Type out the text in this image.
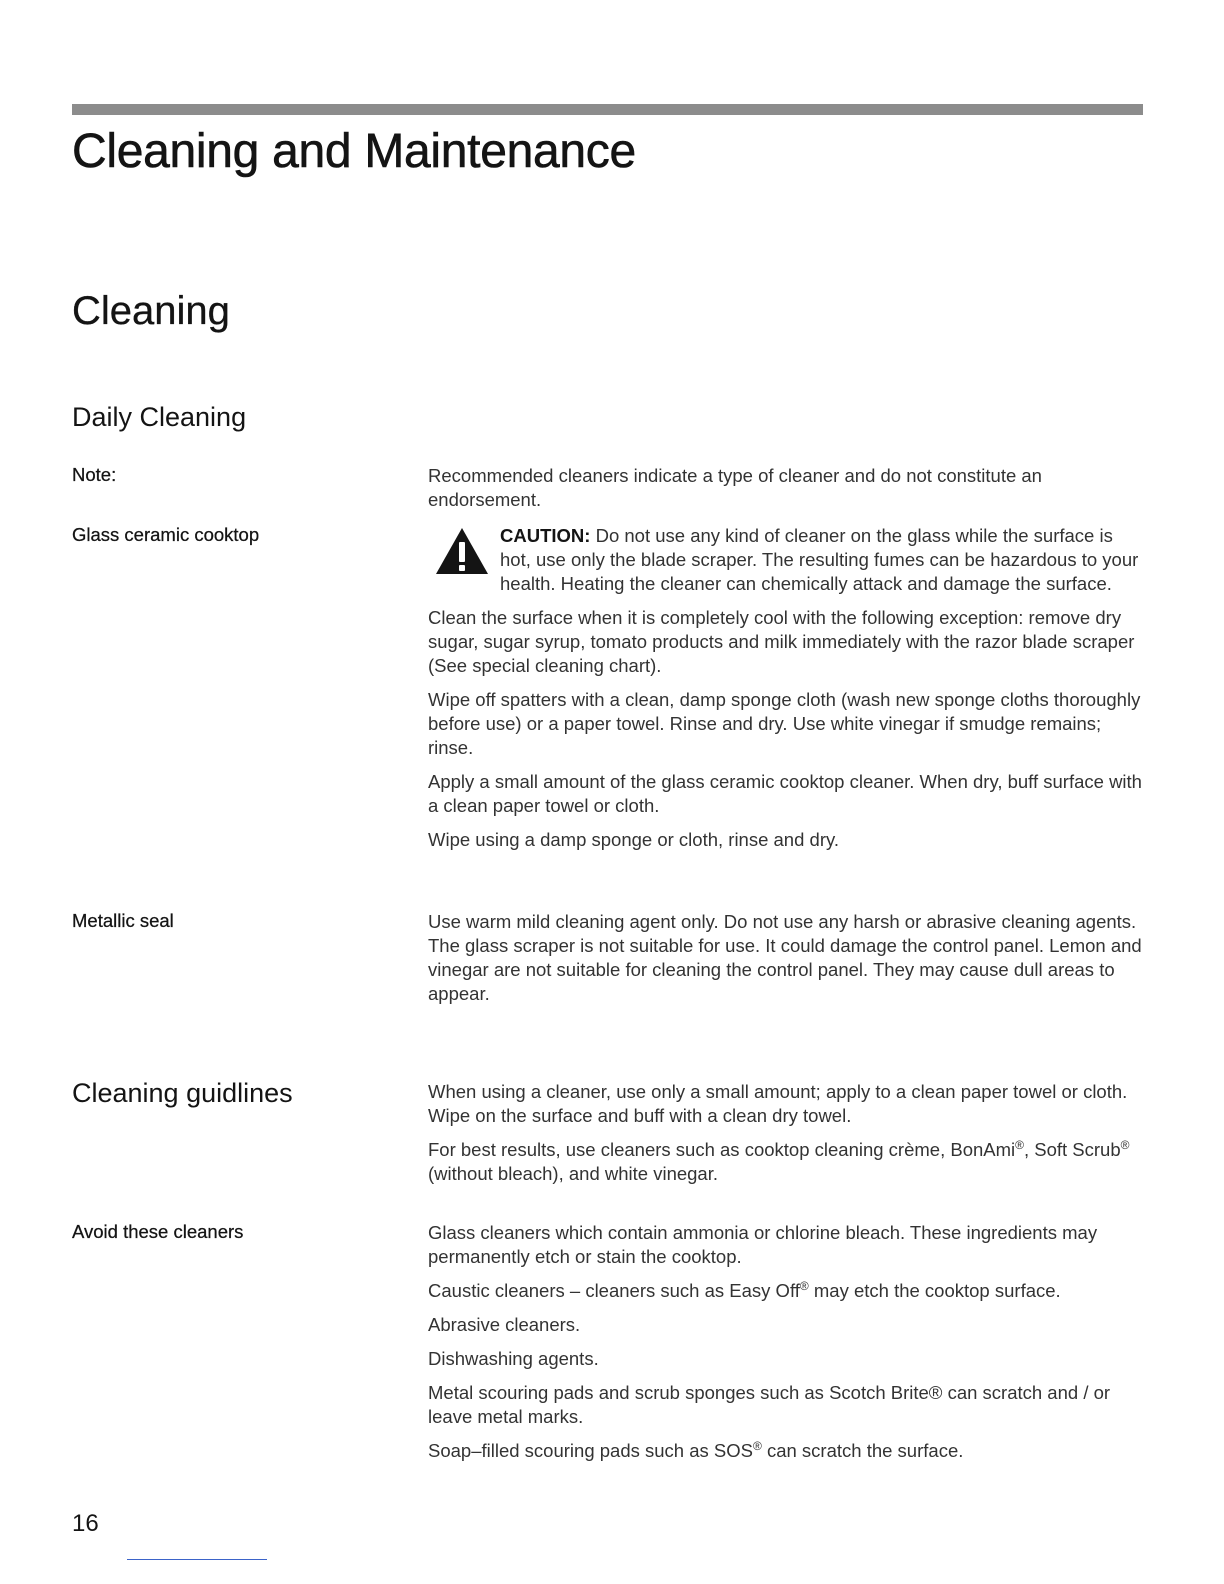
Cleaning and Maintenance
Cleaning
Daily Cleaning
Note:	Recommended cleaners indicate a type of cleaner and do not constitute an endorsement.

Glass ceramic cooktop	CAUTION: Do not use any kind of cleaner on the glass while the surface is hot, use only the blade scraper. The resulting fumes can be hazardous to your health. Heating the cleaner can chemically attack and damage the surface.

Clean the surface when it is completely cool with the following exception: remove dry sugar, sugar syrup, tomato products and milk immediately with the razor blade scraper (See special cleaning chart).

Wipe off spatters with a clean, damp sponge cloth (wash new sponge cloths thoroughly before use) or a paper towel. Rinse and dry. Use white vinegar if smudge remains; rinse.

Apply a small amount of the glass ceramic cooktop cleaner. When dry, buff surface with a clean paper towel or cloth.

Wipe using a damp sponge or cloth, rinse and dry.

Metallic seal	Use warm mild cleaning agent only. Do not use any harsh or abrasive cleaning agents. The glass scraper is not suitable for use. It could damage the control panel. Lemon and vinegar are not suitable for cleaning the control panel. They may cause dull areas to appear.

Cleaning guidlines	When using a cleaner, use only a small amount; apply to a clean paper towel or cloth. Wipe on the surface and buff with a clean dry towel.

For best results, use cleaners such as cooktop cleaning crème, BonAmi®, Soft Scrub® (without bleach), and white vinegar.

Avoid these cleaners	Glass cleaners which contain ammonia or chlorine bleach. These ingredients may permanently etch or stain the cooktop.

Caustic cleaners – cleaners such as Easy Off® may etch the cooktop surface.

Abrasive cleaners.

Dishwashing agents.

Metal scouring pads and scrub sponges such as Scotch Brite® can scratch and / or leave metal marks.

Soap–filled scouring pads such as SOS® can scratch the surface.

16
